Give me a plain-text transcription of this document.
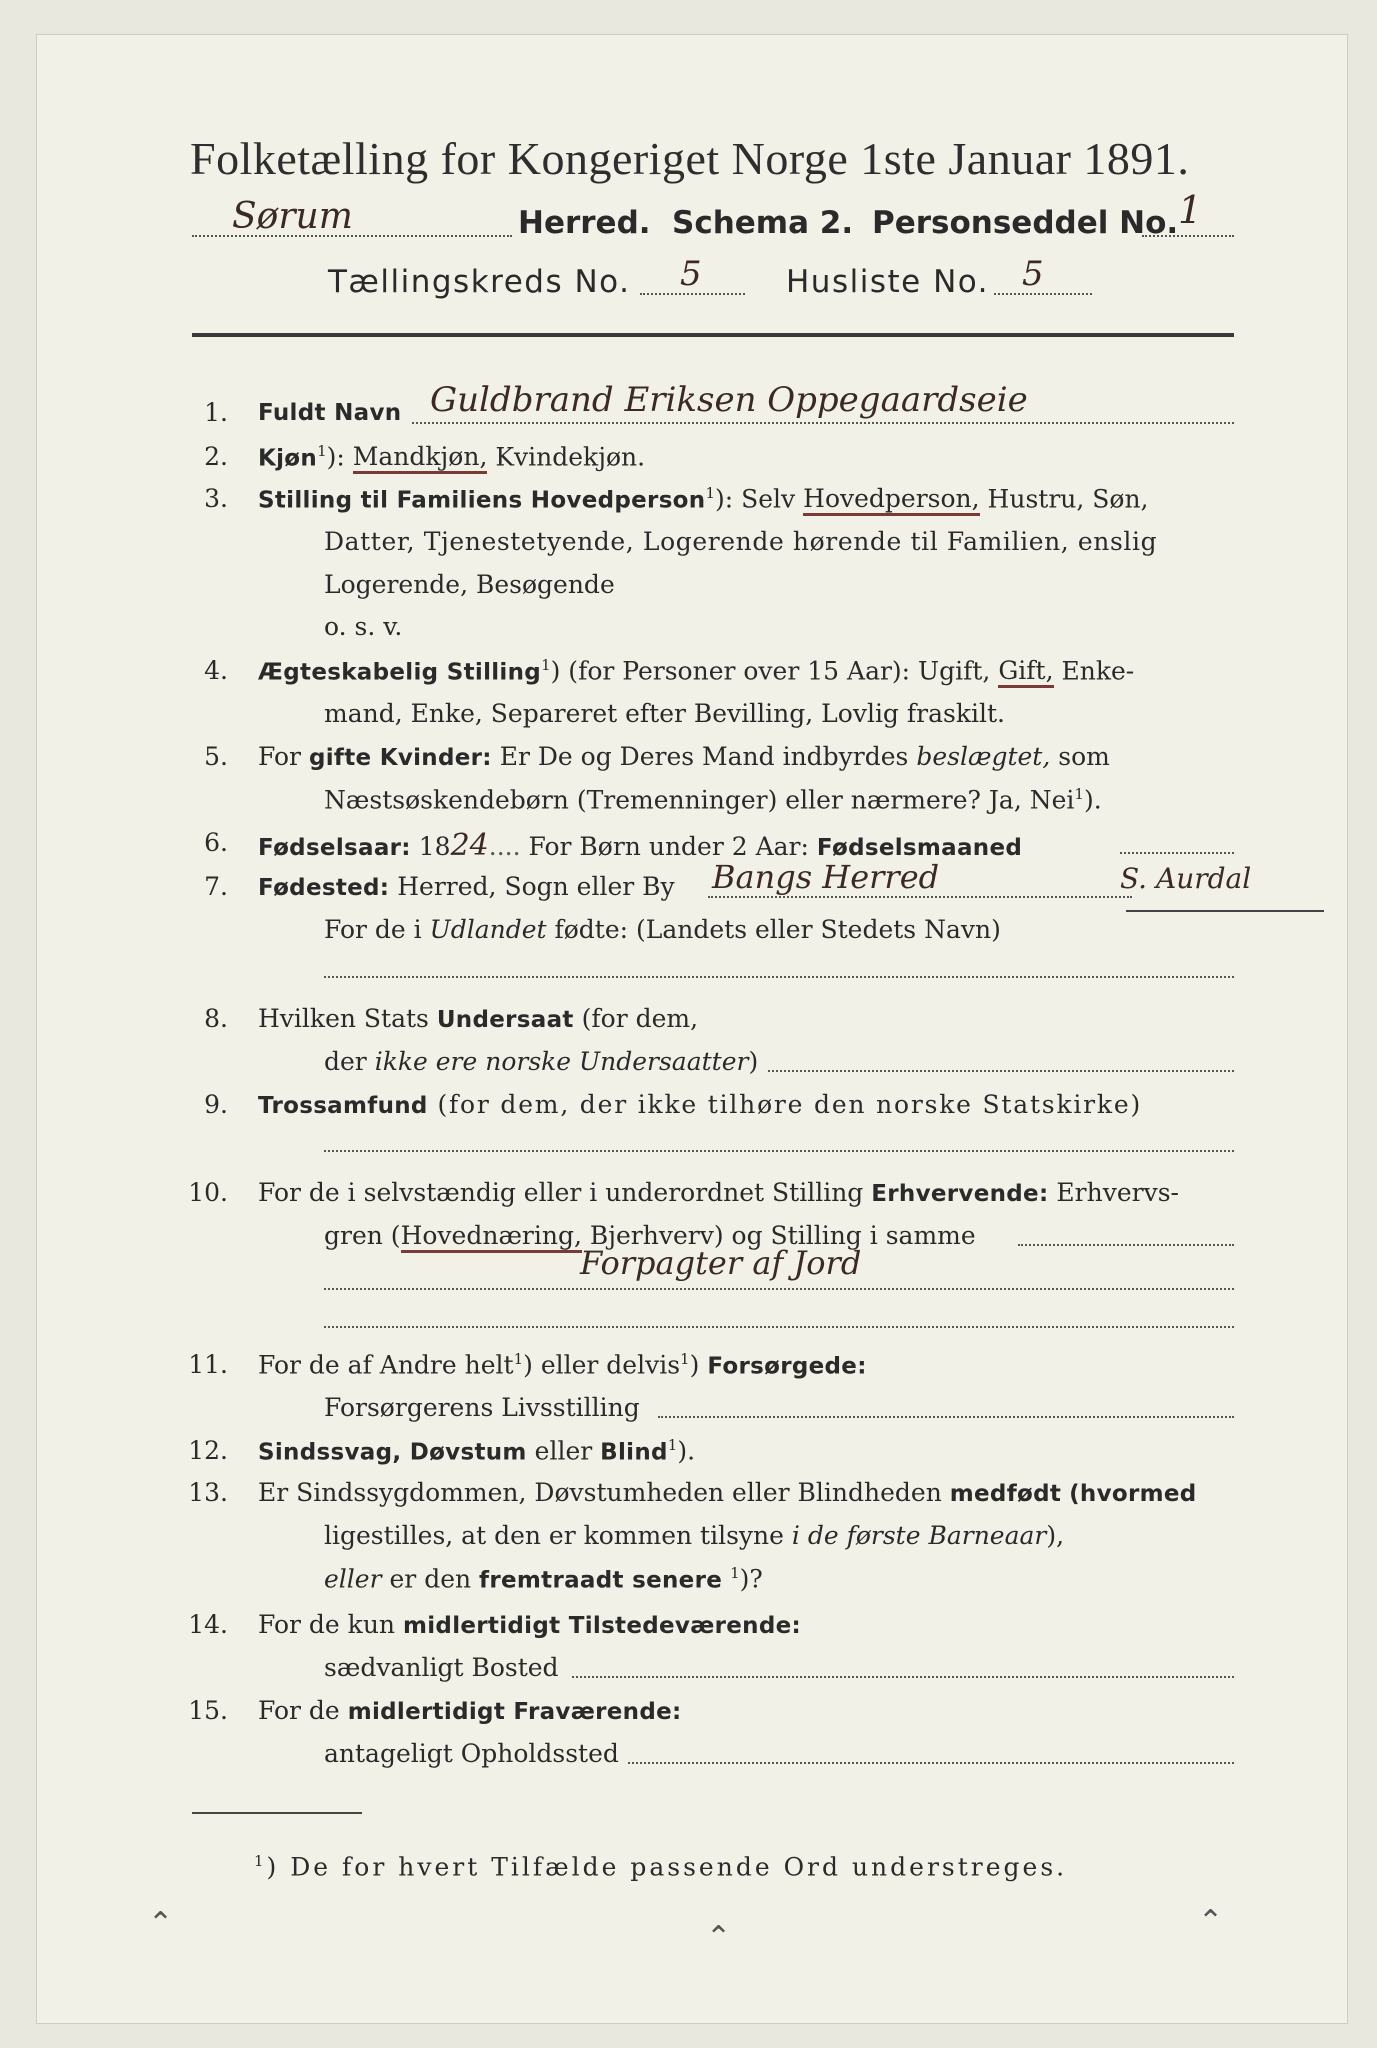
Folketælling for Kongeriget Norge 1ste Januar 1891.
Sørum	Herred. Schema 2. Personseddel No. 1
Tællingskreds No. 5	Husliste No. 5
1. Fuldt Navn Guldbrand Eriksen Oppegaardseie
2. Kjøn$^1$): Mandkjøn, Kvindekjøn.
3. Stilling til Familiens Hovedperson$^1$): Selv Hovedperson, Hustru, Søn,
Datter, Tjenestetyende, Logerende hørende til Familien, enslig
Logerende, Besøgende
o. s. v.
4. Ægteskabelig Stilling$^1$) (for Personer over 15 Aar): Ugift, Gift, Enke-
mand, Enke, Separeret efter Bevilling, Lovlig fraskilt.
5. For gifte Kvinder: Er De og Deres Mand indbyrdes beslægtet, som
Næstsøskendebørn (Tremenninger) eller nærmere? Ja, Nei$^1$).
6. Fødselsaar: 1824.... For Børn under 2 Aar: Fødselsmaaned
7. Fødested: Herred, Sogn eller By Bangs Herred	S. Aurdal
For de i Udlandet fødte: (Landets eller Stedets Navn)
8. Hvilken Stats Undersaat (for dem,
der ikke ere norske Undersaatter)
9. Trossamfund (for dem, der ikke tilhøre den norske Statskirke)
10. For de i selvstændig eller i underordnet Stilling Erhvervende: Erhvervs-
gren (Hovednæring, Bjerhverv) og Stilling i samme
Forpagter af Jord
11. For de af Andre helt$^1$) eller delvis$^1$) Forsørgede:
Forsørgerens Livsstilling
12. Sindssvag, Døvstum eller Blind$^1$).
13. Er Sindssygdommen, Døvstumheden eller Blindheden medfødt (hvormed
ligestilles, at den er kommen tilsyne i de første Barneaar),
eller er den fremtraadt senere $^1$)?
14. For de kun midlertidigt Tilstedeværende:
sædvanligt Bosted
15. For de midlertidigt Fraværende:
antageligt Opholdssted
$^1$) De for hvert Tilfælde passende Ord understreges.
⌃	⌃	⌃
